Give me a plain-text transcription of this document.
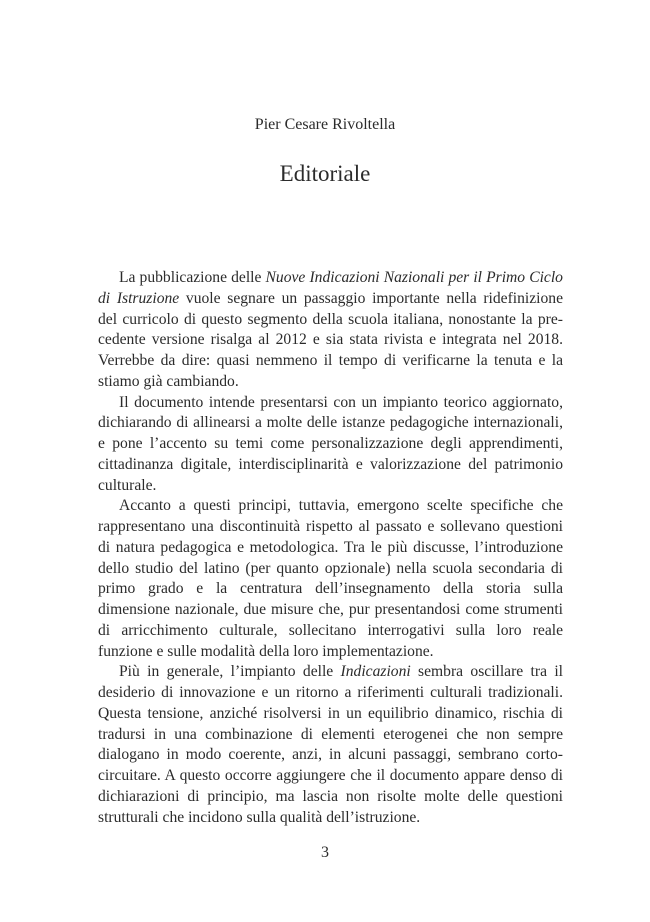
Pier Cesare Rivoltella
Editoriale

La pubblicazione delle Nuove Indicazioni Nazionali per il Primo Ciclo di Istruzione vuole segnare un passaggio importante nella ridefinizione del curricolo di questo segmento della scuola italiana, nonostante la precedente versione risalga al 2012 e sia stata rivista e integrata nel 2018. Verrebbe da dire: quasi nemmeno il tempo di verificarne la tenuta e la stiamo già cambiando.

Il documento intende presentarsi con un impianto teorico aggiornato, dichiarando di allinearsi a molte delle istanze pedagogiche internazionali, e pone l’accento su temi come personalizzazione degli apprendimenti, cittadinanza digitale, interdisciplinarità e valorizzazione del patrimonio culturale.

Accanto a questi principi, tuttavia, emergono scelte specifiche che rappresentano una discontinuità rispetto al passato e sollevano questioni di natura pedagogica e metodologica. Tra le più discusse, l’introduzione dello studio del latino (per quanto opzionale) nella scuola secondaria di primo grado e la centratura dell’insegnamento della storia sulla dimensione nazionale, due misure che, pur presentandosi come strumenti di arricchimento culturale, sollecitano interrogativi sulla loro reale funzione e sulle modalità della loro implementazione.

Più in generale, l’impianto delle Indicazioni sembra oscillare tra il desiderio di innovazione e un ritorno a riferimenti culturali tradizionali. Questa tensione, anziché risolversi in un equilibrio dinamico, rischia di tradursi in una combinazione di elementi eterogenei che non sempre dialogano in modo coerente, anzi, in alcuni passaggi, sembrano cortocircuitare. A questo occorre aggiungere che il documento appare denso di dichiarazioni di principio, ma lascia non risolte molte delle questioni strutturali che incidono sulla qualità dell’istruzione.

3
